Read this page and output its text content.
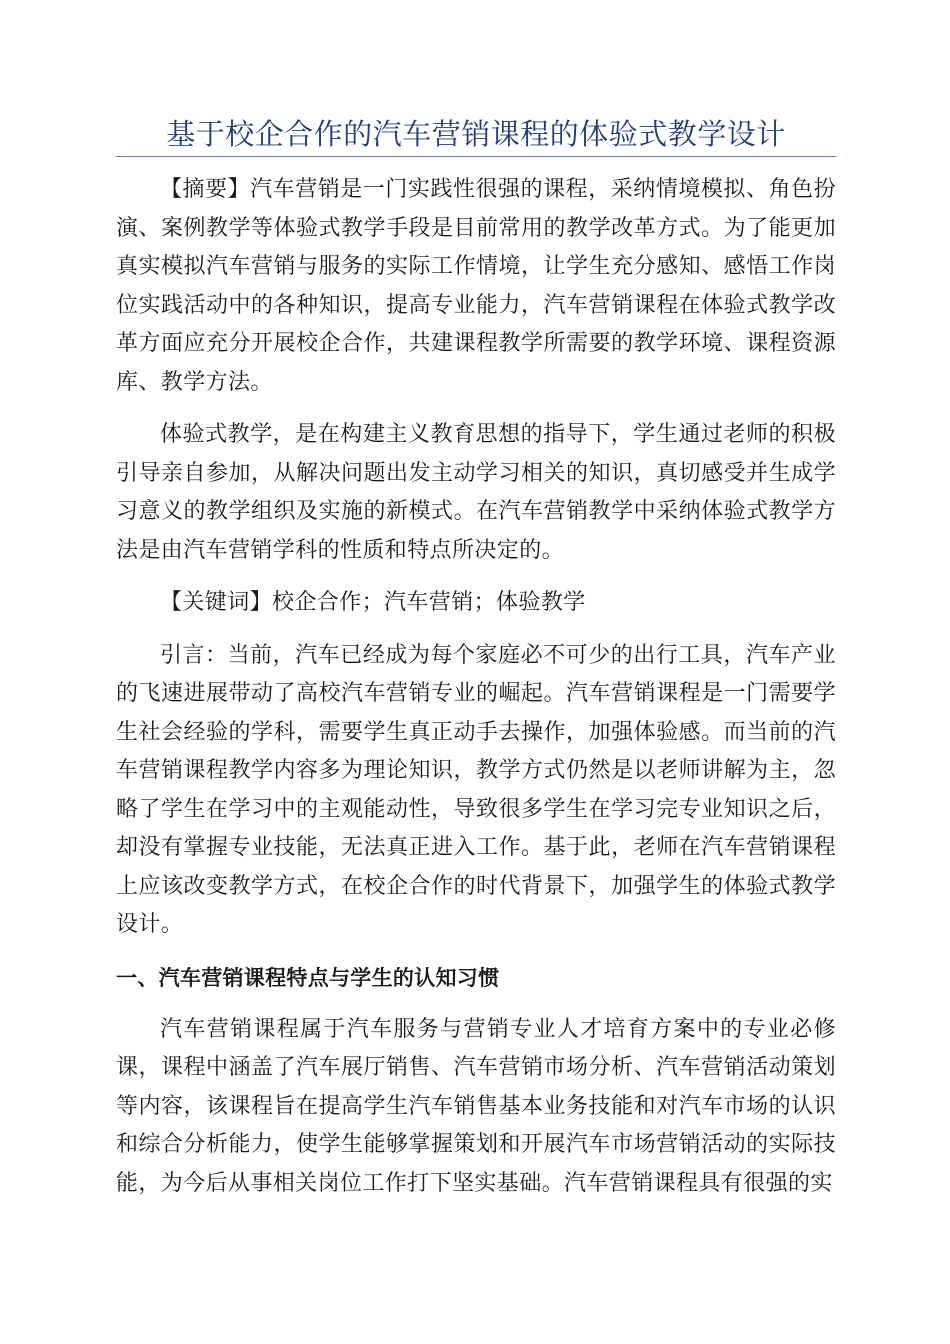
基于校企合作的汽车营销课程的体验式教学设计

【摘要】汽车营销是一门实践性很强的课程，采纳情境模拟、角色扮演、案例教学等体验式教学手段是目前常用的教学改革方式。为了能更加真实模拟汽车营销与服务的实际工作情境，让学生充分感知、感悟工作岗位实践活动中的各种知识，提高专业能力，汽车营销课程在体验式教学改革方面应充分开展校企合作，共建课程教学所需要的教学环境、课程资源库、教学方法。

体验式教学，是在构建主义教育思想的指导下，学生通过老师的积极引导亲自参加，从解决问题出发主动学习相关的知识，真切感受并生成学习意义的教学组织及实施的新模式。在汽车营销教学中采纳体验式教学方法是由汽车营销学科的性质和特点所决定的。

【关键词】校企合作；汽车营销；体验教学

引言：当前，汽车已经成为每个家庭必不可少的出行工具，汽车产业的飞速进展带动了高校汽车营销专业的崛起。汽车营销课程是一门需要学生社会经验的学科，需要学生真正动手去操作，加强体验感。而当前的汽车营销课程教学内容多为理论知识，教学方式仍然是以老师讲解为主，忽略了学生在学习中的主观能动性，导致很多学生在学习完专业知识之后，却没有掌握专业技能，无法真正进入工作。基于此，老师在汽车营销课程上应该改变教学方式，在校企合作的时代背景下，加强学生的体验式教学设计。

一、汽车营销课程特点与学生的认知习惯

汽车营销课程属于汽车服务与营销专业人才培育方案中的专业必修课，课程中涵盖了汽车展厅销售、汽车营销市场分析、汽车营销活动策划等内容，该课程旨在提高学生汽车销售基本业务技能和对汽车市场的认识和综合分析能力，使学生能够掌握策划和开展汽车市场营销活动的实际技能，为今后从事相关岗位工作打下坚实基础。汽车营销课程具有很强的实
